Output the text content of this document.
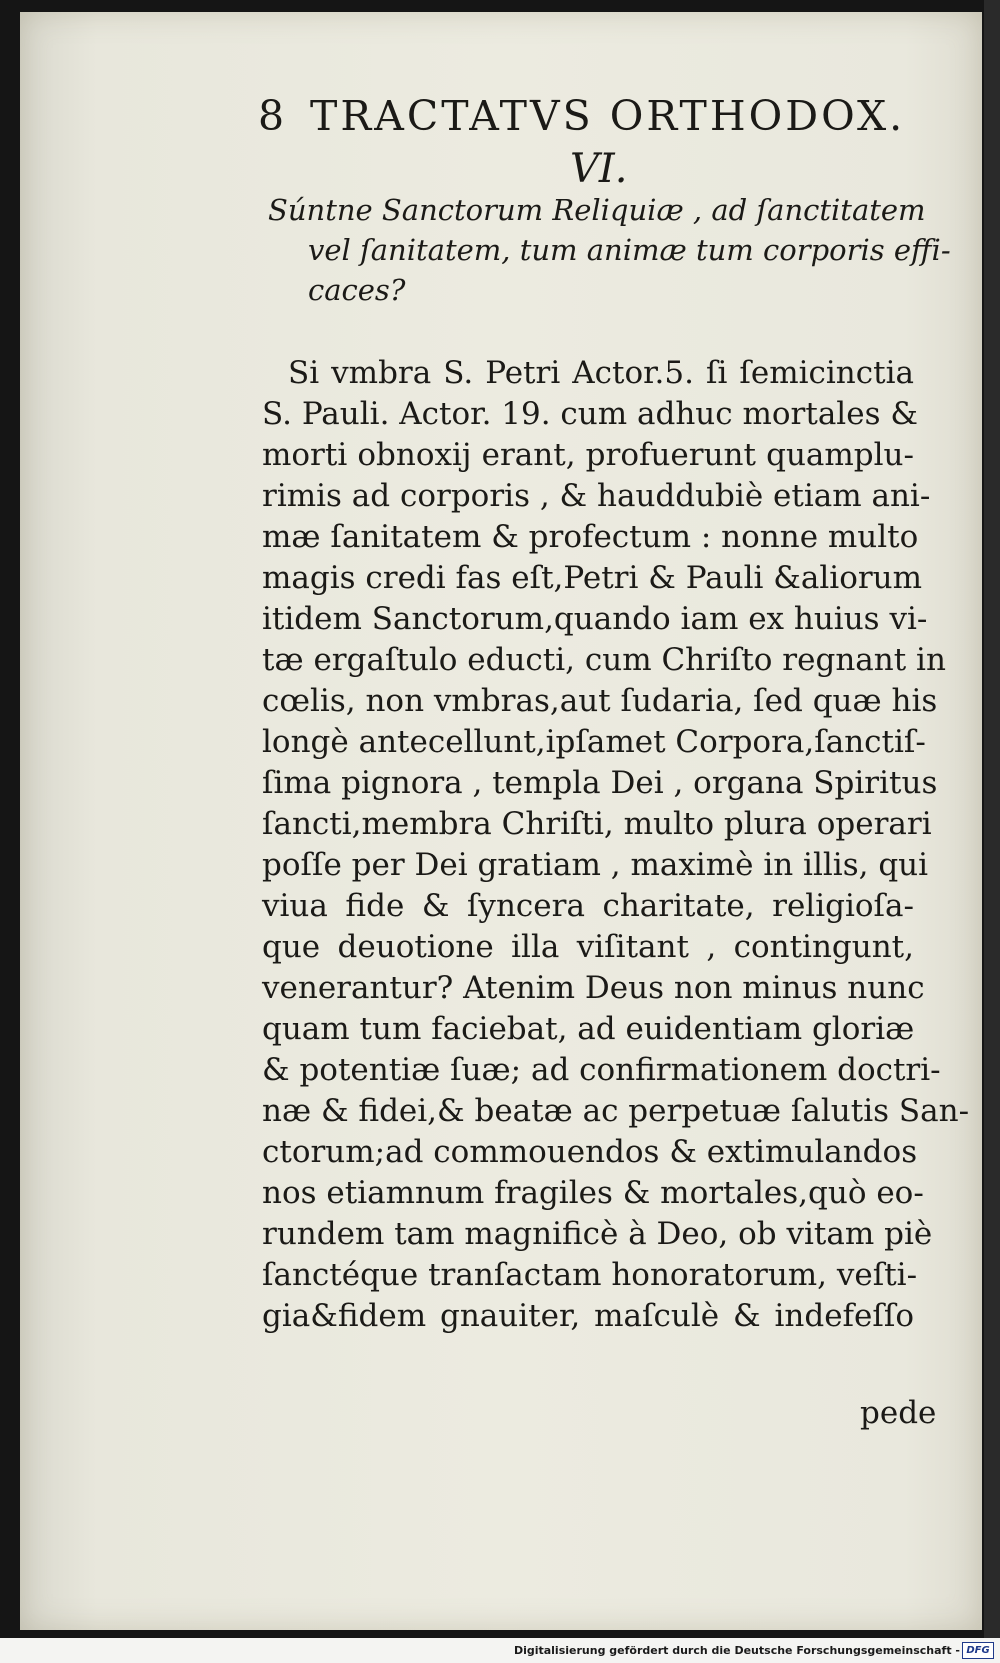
8 TRACTATVS ORTHODOX.
VI.
Súntne Sanctorum Reliquiæ , ad ſanctitatem
vel ſanitatem, tum animæ tum corporis effi-
caces?
Si vmbra S. Petri Actor.5. ſi ſemicinctia
S. Pauli. Actor. 19. cum adhuc mortales &
morti obnoxij erant, profuerunt quamplu-
rimis ad corporis , & hauddubiè etiam ani-
mæ ſanitatem & profectum : nonne multo
magis credi fas eſt,Petri & Pauli &aliorum
itidem Sanctorum,quando iam ex huius vi-
tæ ergaſtulo educti, cum Chriſto regnant in
cœlis, non vmbras,aut ſudaria, ſed quæ his
longè antecellunt,ipſamet Corpora,ſanctiſ-
ſima pignora , templa Dei , organa Spiritus
ſancti,membra Chriſti, multo plura operari
poſſe per Dei gratiam , maximè in illis, qui
viua fide & ſyncera charitate, religioſa-
que deuotione illa viſitant , contingunt,
venerantur? Atenim Deus non minus nunc
quam tum faciebat, ad euidentiam gloriæ
& potentiæ ſuæ; ad confirmationem doctri-
næ & fidei,& beatæ ac perpetuæ ſalutis San-
ctorum;ad commouendos & extimulandos
nos etiamnum fragiles & mortales,quò eo-
rundem tam magnificè à Deo, ob vitam piè
ſanctéque tranſactam honoratorum, veſti-
gia&fidem gnauiter, maſculè & indefeſſo
pede
Digitalisierung gefördert durch die Deutsche Forschungsgemeinschaft - DFG
